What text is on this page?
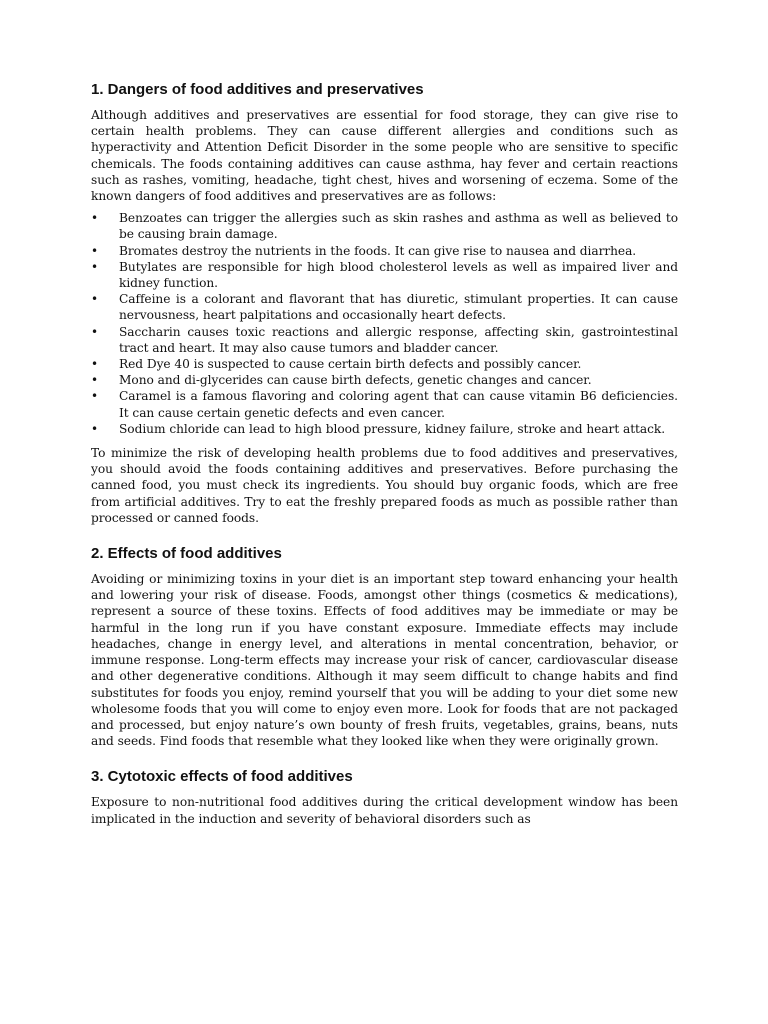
1. Dangers of food additives and preservatives

Although additives and preservatives are essential for food storage, they can give rise to certain health problems. They can cause different allergies and conditions such as hyperactivity and Attention Deficit Disorder in the some people who are sensitive to specific chemicals. The foods containing additives can cause asthma, hay fever and certain reactions such as rashes, vomiting, headache, tight chest, hives and worsening of eczema. Some of the known dangers of food additives and preservatives are as follows:

• Benzoates can trigger the allergies such as skin rashes and asthma as well as believed to be causing brain damage.
• Bromates destroy the nutrients in the foods. It can give rise to nausea and diarrhea.
• Butylates are responsible for high blood cholesterol levels as well as impaired liver and kidney function.
• Caffeine is a colorant and flavorant that has diuretic, stimulant properties. It can cause nervousness, heart palpitations and occasionally heart defects.
• Saccharin causes toxic reactions and allergic response, affecting skin, gastrointestinal tract and heart. It may also cause tumors and bladder cancer.
• Red Dye 40 is suspected to cause certain birth defects and possibly cancer.
• Mono and di-glycerides can cause birth defects, genetic changes and cancer.
• Caramel is a famous flavoring and coloring agent that can cause vitamin B6 deficiencies. It can cause certain genetic defects and even cancer.
• Sodium chloride can lead to high blood pressure, kidney failure, stroke and heart attack.

To minimize the risk of developing health problems due to food additives and preservatives, you should avoid the foods containing additives and preservatives. Before purchasing the canned food, you must check its ingredients. You should buy organic foods, which are free from artificial additives. Try to eat the freshly prepared foods as much as possible rather than processed or canned foods.

2. Effects of food additives

Avoiding or minimizing toxins in your diet is an important step toward enhancing your health and lowering your risk of disease. Foods, amongst other things (cosmetics & medications), represent a source of these toxins. Effects of food additives may be immediate or may be harmful in the long run if you have constant exposure. Immediate effects may include headaches, change in energy level, and alterations in mental concentration, behavior, or immune response. Long-term effects may increase your risk of cancer, cardiovascular disease and other degenerative conditions. Although it may seem difficult to change habits and find substitutes for foods you enjoy, remind yourself that you will be adding to your diet some new wholesome foods that you will come to enjoy even more. Look for foods that are not packaged and processed, but enjoy nature’s own bounty of fresh fruits, vegetables, grains, beans, nuts and seeds. Find foods that resemble what they looked like when they were originally grown.

3. Cytotoxic effects of food additives

Exposure to non-nutritional food additives during the critical development window has been implicated in the induction and severity of behavioral disorders such as
